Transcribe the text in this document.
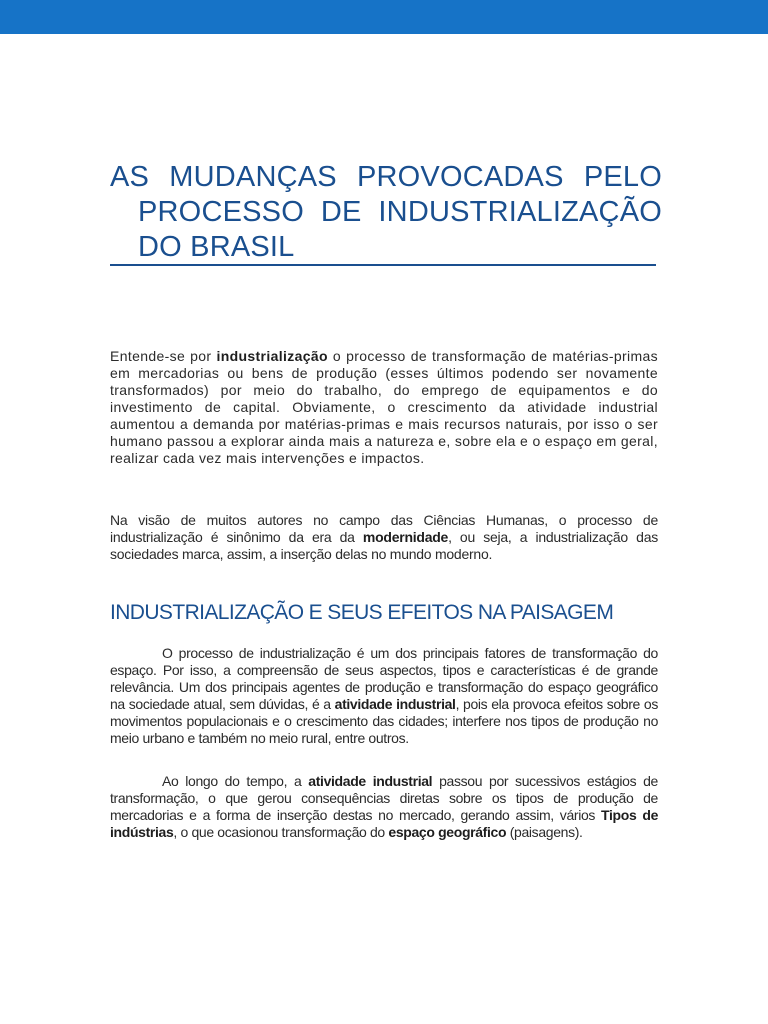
AS MUDANÇAS PROVOCADAS PELO
PROCESSO DE INDUSTRIALIZAÇÃO
DO BRASIL

Entende-se por industrialização o processo de transformação de matérias-primas em mercadorias ou bens de produção (esses últimos podendo ser novamente transformados) por meio do trabalho, do emprego de equipamentos e do investimento de capital. Obviamente, o crescimento da atividade industrial aumentou a demanda por matérias-primas e mais recursos naturais, por isso o ser humano passou a explorar ainda mais a natureza e, sobre ela e o espaço em geral, realizar cada vez mais intervenções e impactos.

Na visão de muitos autores no campo das Ciências Humanas, o processo de industrialização é sinônimo da era da modernidade, ou seja, a industrialização das sociedades marca, assim, a inserção delas no mundo moderno.

INDUSTRIALIZAÇÃO E SEUS EFEITOS NA PAISAGEM

O processo de industrialização é um dos principais fatores de transformação do espaço. Por isso, a compreensão de seus aspectos, tipos e características é de grande relevância. Um dos principais agentes de produção e transformação do espaço geográfico na sociedade atual, sem dúvidas, é a atividade industrial, pois ela provoca efeitos sobre os movimentos populacionais e o crescimento das cidades; interfere nos tipos de produção no meio urbano e também no meio rural, entre outros.

Ao longo do tempo, a atividade industrial passou por sucessivos estágios de transformação, o que gerou consequências diretas sobre os tipos de produção de mercadorias e a forma de inserção destas no mercado, gerando assim, vários Tipos de indústrias, o que ocasionou transformação do espaço geográfico (paisagens).
